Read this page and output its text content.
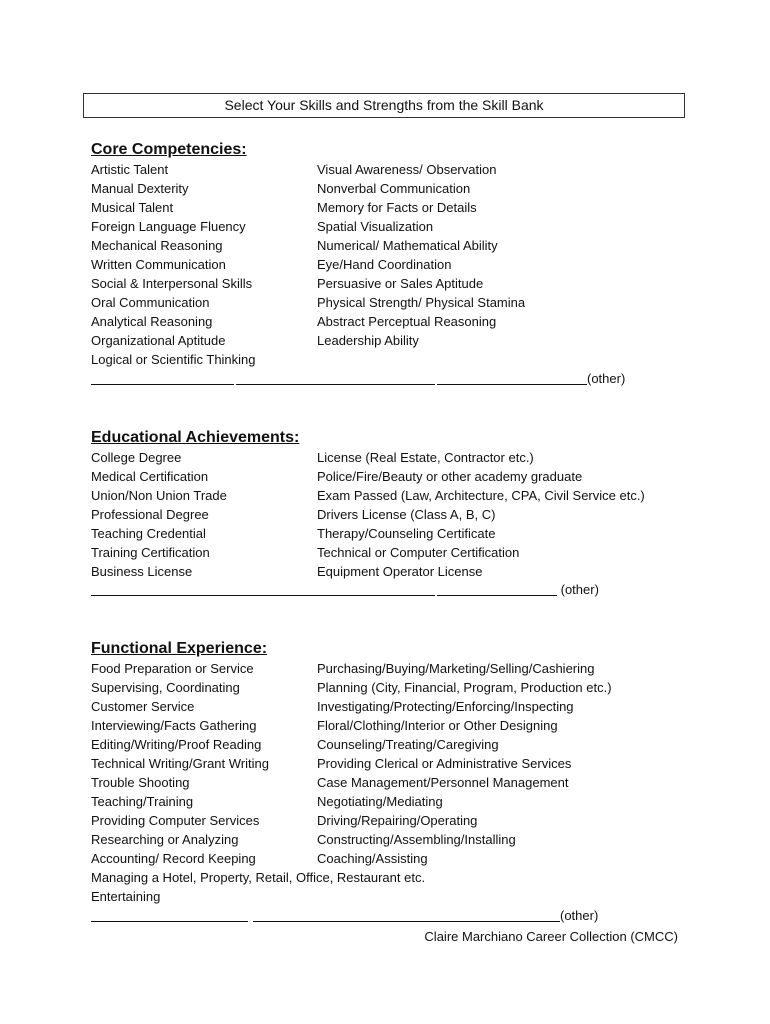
Select Your Skills and Strengths from the Skill Bank
Core Competencies:
Artistic Talent
Manual Dexterity
Musical Talent
Foreign Language Fluency
Mechanical Reasoning
Written Communication
Social & Interpersonal Skills
Oral Communication
Analytical Reasoning
Organizational Aptitude
Logical or Scientific Thinking
Visual Awareness/ Observation
Nonverbal Communication
Memory for Facts or Details
Spatial Visualization
Numerical/ Mathematical Ability
Eye/Hand Coordination
Persuasive or Sales Aptitude
Physical Strength/ Physical Stamina
Abstract Perceptual Reasoning
Leadership Ability
(other)
Educational Achievements:
College Degree
Medical Certification
Union/Non Union Trade
Professional Degree
Teaching Credential
Training Certification
Business License
License (Real Estate, Contractor etc.)
Police/Fire/Beauty or other academy graduate
Exam Passed (Law, Architecture, CPA, Civil Service etc.)
Drivers License (Class A, B, C)
Therapy/Counseling Certificate
Technical or Computer Certification
Equipment Operator License
(other)
Functional Experience:
Food Preparation or Service
Supervising, Coordinating
Customer Service
Interviewing/Facts Gathering
Editing/Writing/Proof Reading
Technical Writing/Grant Writing
Trouble Shooting
Teaching/Training
Providing Computer Services
Researching or Analyzing
Accounting/ Record Keeping
Purchasing/Buying/Marketing/Selling/Cashiering
Planning (City, Financial, Program, Production etc.)
Investigating/Protecting/Enforcing/Inspecting
Floral/Clothing/Interior or Other Designing
Counseling/Treating/Caregiving
Providing Clerical or Administrative Services
Case Management/Personnel Management
Negotiating/Mediating
Driving/Repairing/Operating
Constructing/Assembling/Installing
Coaching/Assisting
Managing a Hotel, Property, Retail, Office, Restaurant etc.
Entertaining
(other)
Claire Marchiano Career Collection (CMCC)
